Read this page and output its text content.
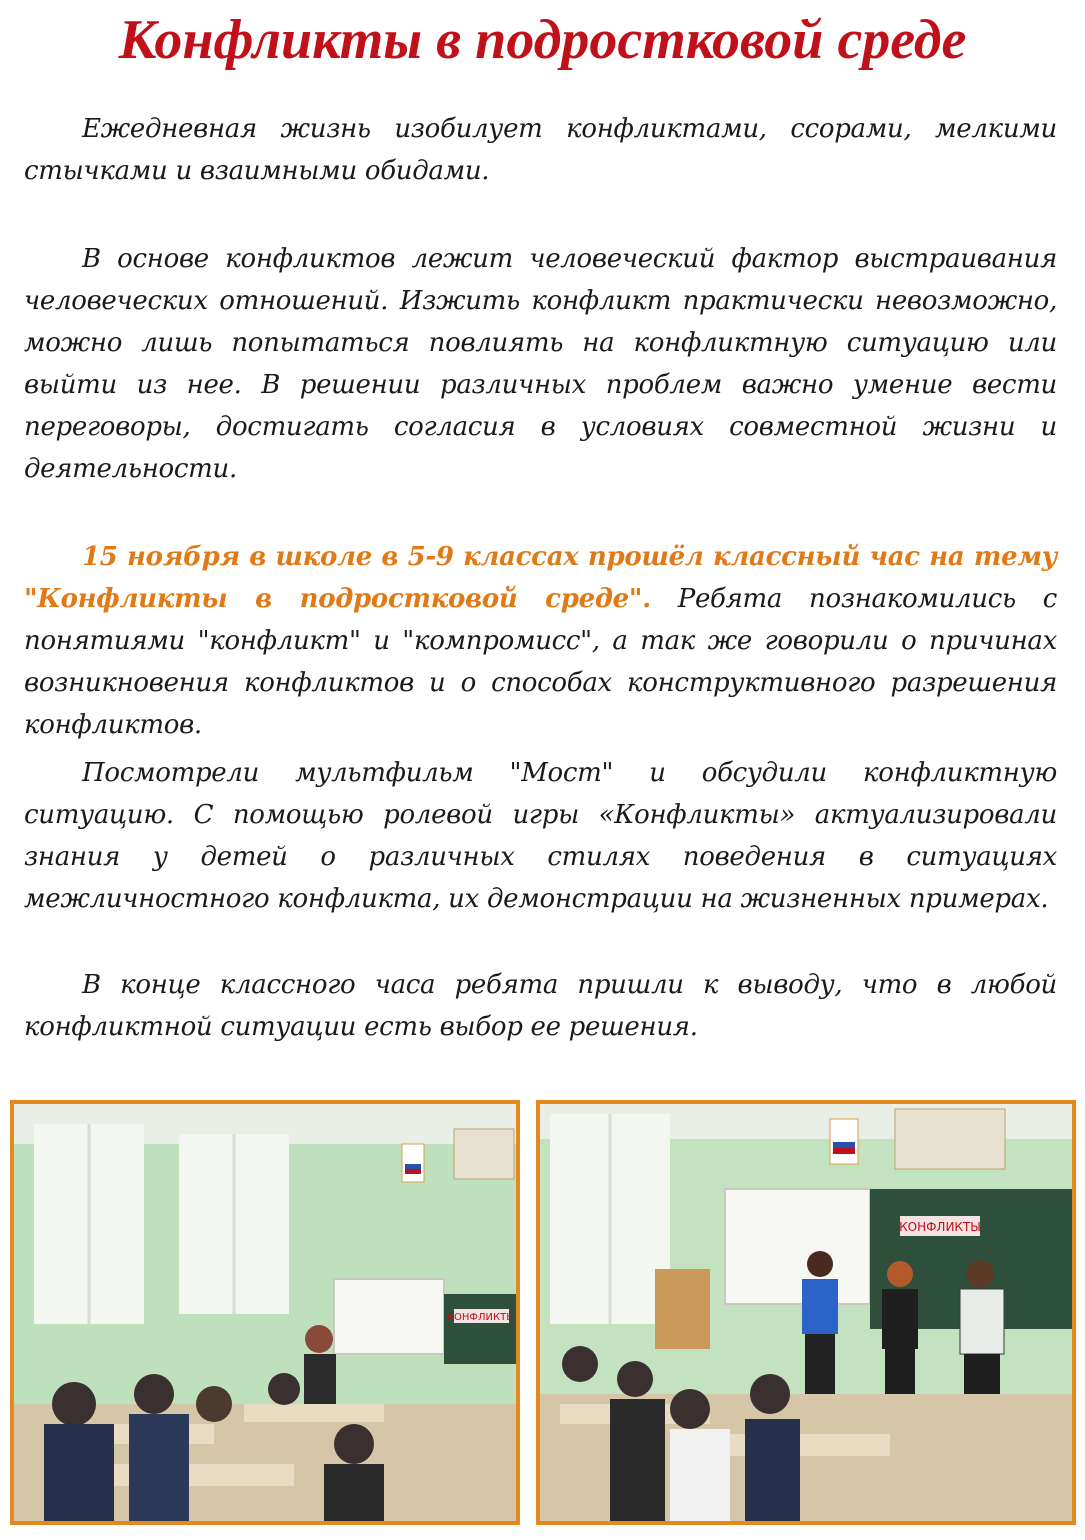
Конфликты в подростковой среде

Ежедневная жизнь изобилует конфликтами, ссорами, мелкими стычками и взаимными обидами.

В основе конфликтов лежит человеческий фактор выстраивания человеческих отношений. Изжить конфликт практически невозможно, можно лишь попытаться повлиять на конфликтную ситуацию или выйти из нее. В решении различных проблем важно умение вести переговоры, достигать согласия в условиях совместной жизни и деятельности.

15 ноября в школе в 5-9 классах прошёл классный час на тему "Конфликты в подростковой среде". Ребята познакомились с понятиями "конфликт" и "компромисс", а так же говорили о причинах возникновения конфликтов и о способах конструктивного разрешения конфликтов.

Посмотрели мультфильм "Мост" и обсудили конфликтную ситуацию. С помощью ролевой игры «Конфликты» актуализировали знания у детей о различных стилях поведения в ситуациях межличностного конфликта, их демонстрации на жизненных примерах.

В конце классного часа ребята пришли к выводу, что в любой конфликтной ситуации есть выбор ее решения.

КОНФЛИКТЫ
КОНФЛИКТЫ
